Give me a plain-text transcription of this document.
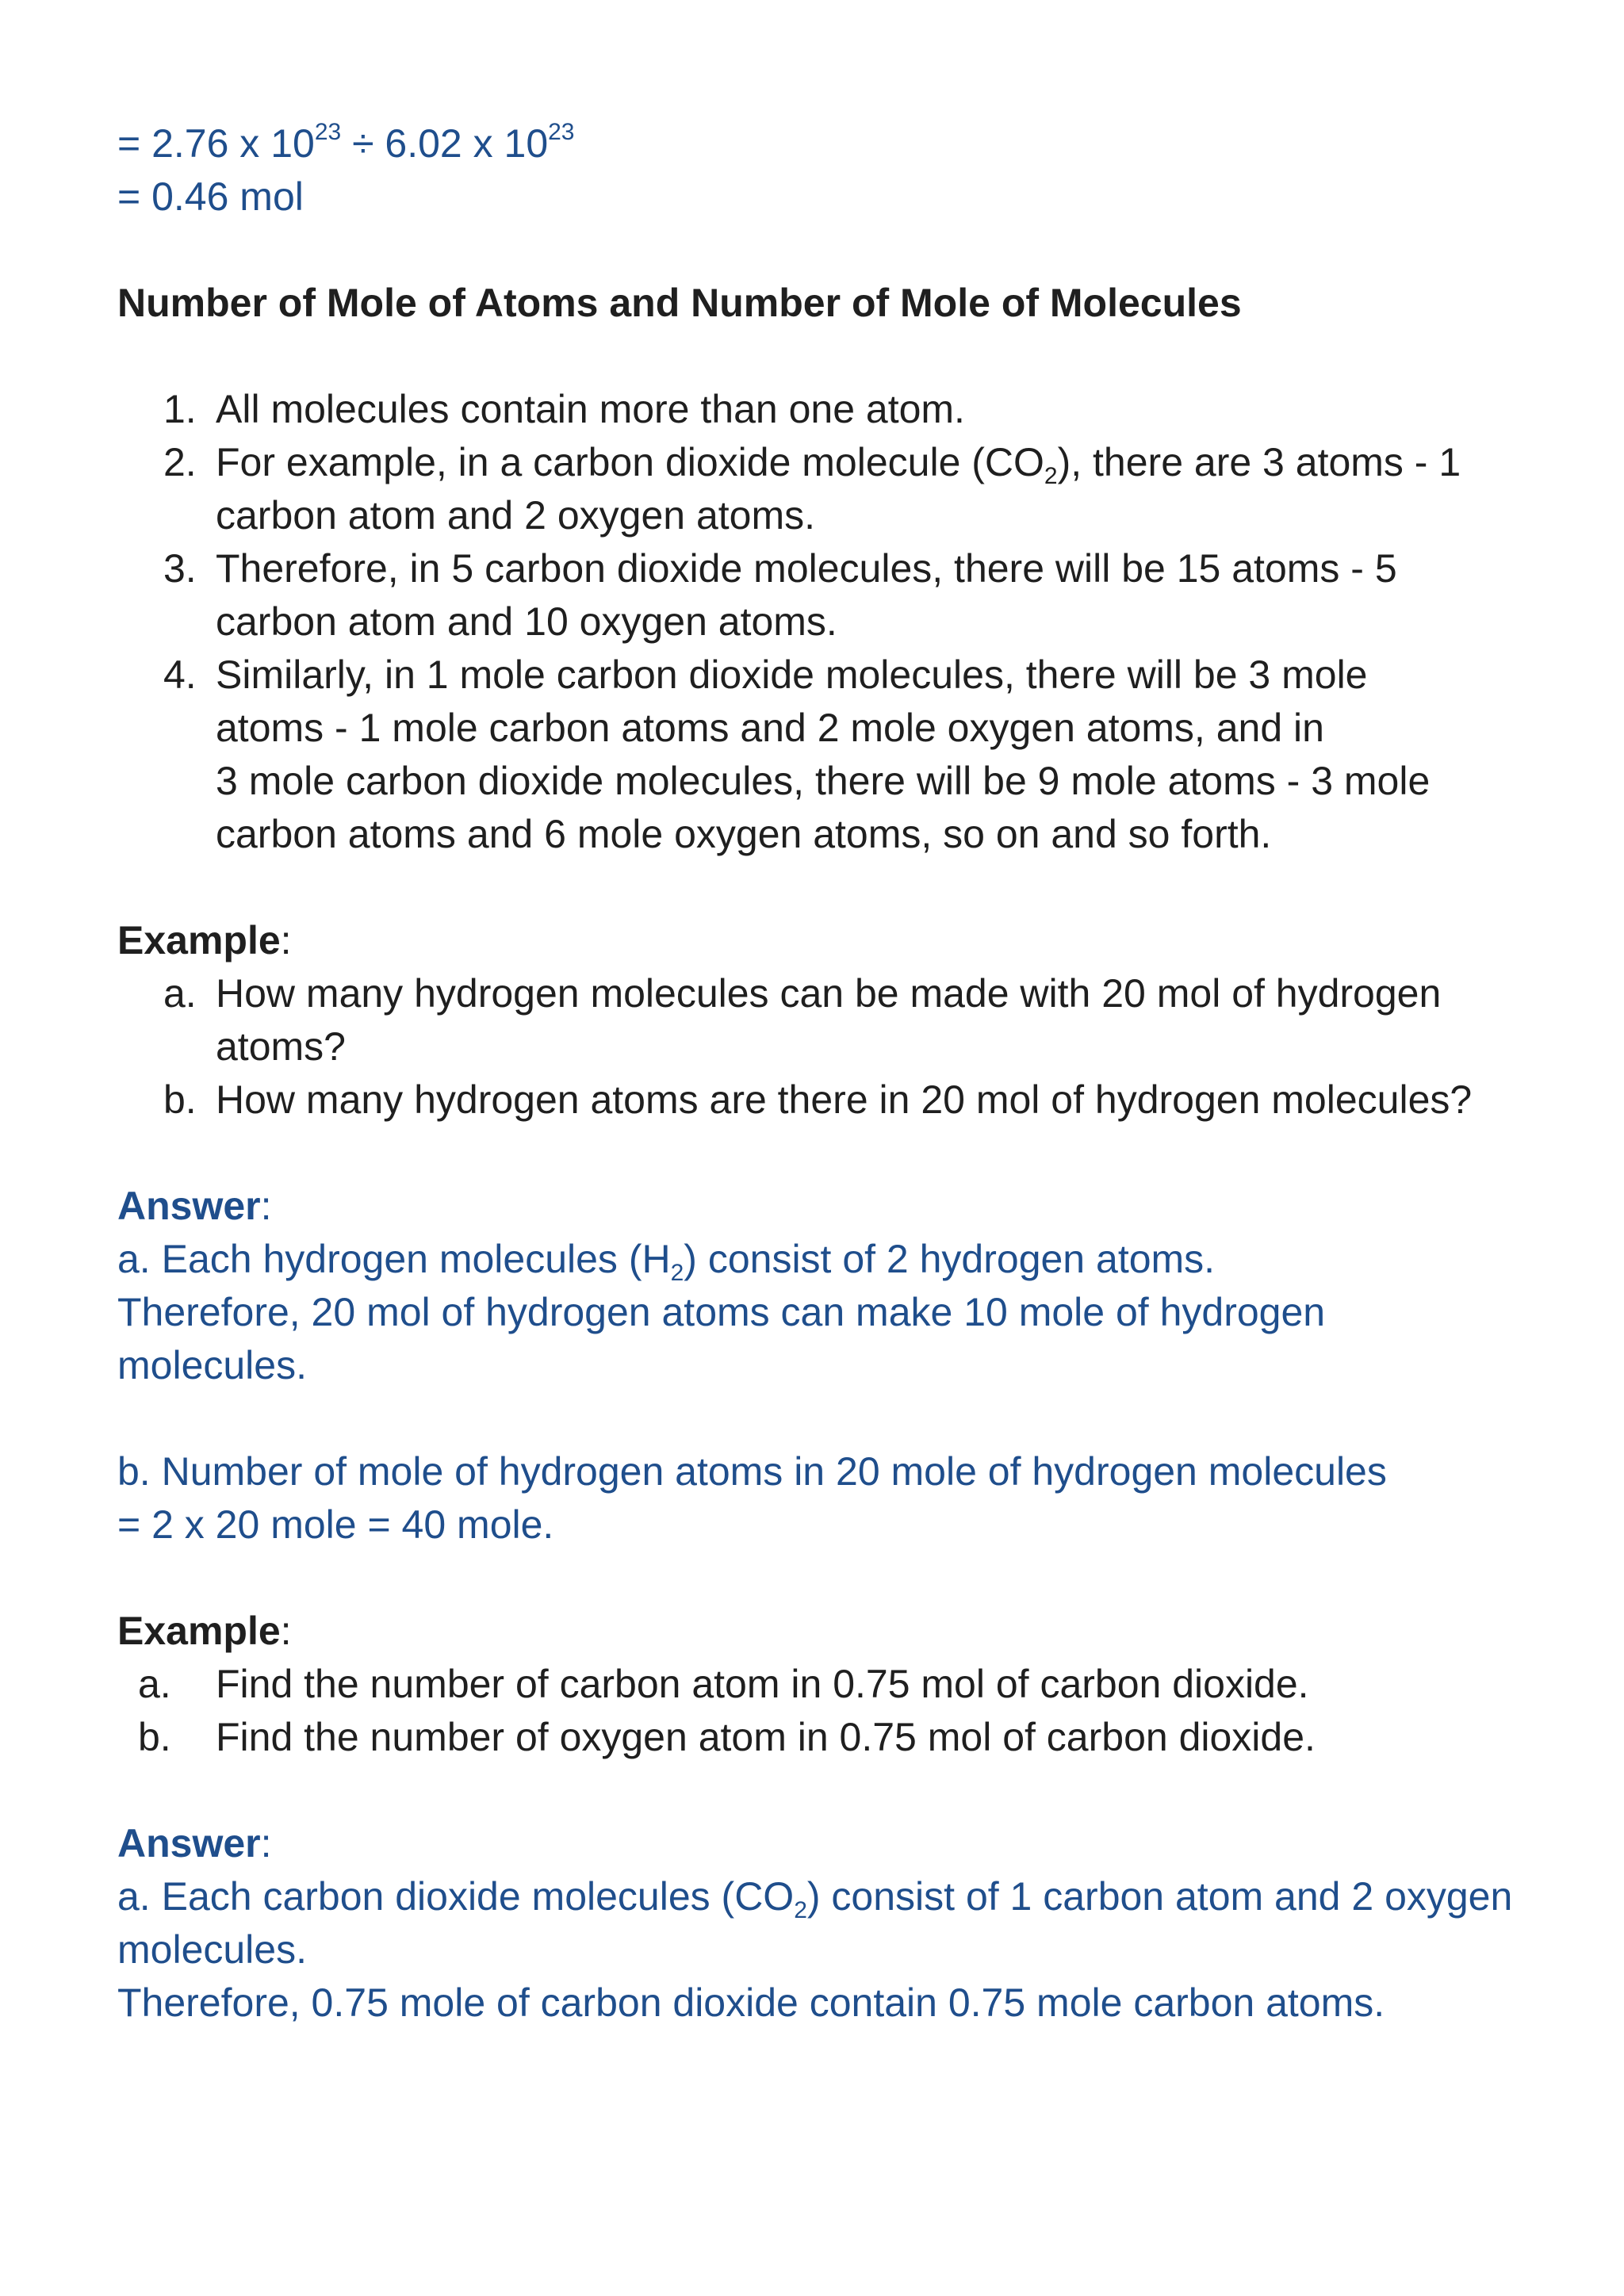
= 2.76 x $10^{23} \div 6.02$ x $10^{23}$
= 0.46 mol
Number of Mole of Atoms and Number of Mole of Molecules
1. All molecules contain more than one atom.
2. For example, in a carbon dioxide molecule $(CO_2)$, there are 3 atoms - 1
carbon atom and 2 oxygen atoms.
3. Therefore, in 5 carbon dioxide molecules, there will be 15 atoms - 5
carbon atom and 10 oxygen atoms.
4. Similarly, in 1 mole carbon dioxide molecules, there will be 3 mole
atoms - 1 mole carbon atoms and 2 mole oxygen atoms, and in
3 mole carbon dioxide molecules, there will be 9 mole atoms - 3 mole
carbon atoms and 6 mole oxygen atoms, so on and so forth.
Example:
a. How many hydrogen molecules can be made with 20 mol of hydrogen
atoms?
b. How many hydrogen atoms are there in 20 mol of hydrogen molecules?
Answer:
a. Each hydrogen molecules $(H_2)$ consist of 2 hydrogen atoms.
Therefore, 20 mol of hydrogen atoms can make 10 mole of hydrogen
molecules.
b. Number of mole of hydrogen atoms in 20 mole of hydrogen molecules
= 2 x 20 mole = 40 mole.
Example:
a. Find the number of carbon atom in 0.75 mol of carbon dioxide.
b. Find the number of oxygen atom in 0.75 mol of carbon dioxide.
Answer:
a. Each carbon dioxide molecules $(CO_2)$ consist of 1 carbon atom and 2 oxygen
molecules.
Therefore, 0.75 mole of carbon dioxide contain 0.75 mole carbon atoms.
